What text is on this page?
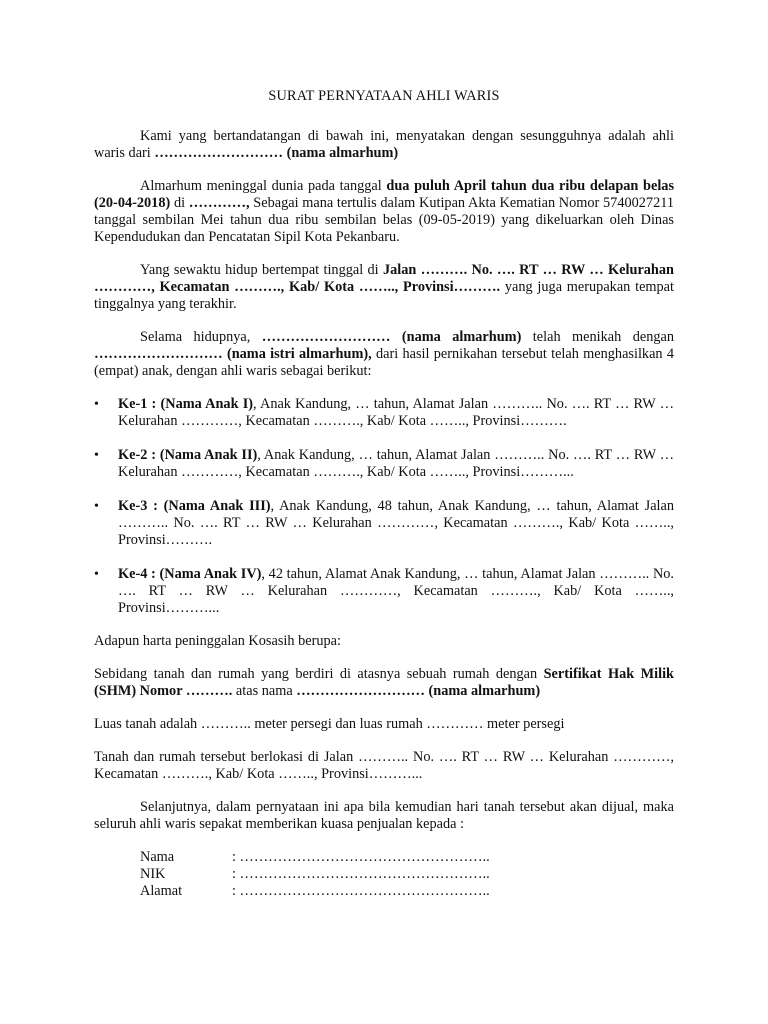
SURAT PERNYATAAN AHLI WARIS

Kami yang bertandatangan di bawah ini, menyatakan dengan sesungguhnya adalah ahli waris dari ……………………… (nama almarhum)

Almarhum meninggal dunia pada tanggal dua puluh April tahun dua ribu delapan belas (20-04-2018) di …………, Sebagai mana tertulis dalam Kutipan Akta Kematian Nomor 5740027211 tanggal sembilan Mei tahun dua ribu sembilan belas (09-05-2019) yang dikeluarkan oleh Dinas Kependudukan dan Pencatatan Sipil Kota Pekanbaru.

Yang sewaktu hidup bertempat tinggal di Jalan ………. No. …. RT … RW … Kelurahan …………, Kecamatan ………., Kab/ Kota …….., Provinsi………. yang juga merupakan tempat tinggalnya yang terakhir.

Selama hidupnya, ……………………… (nama almarhum) telah menikah dengan ……………………… (nama istri almarhum), dari hasil pernikahan tersebut telah menghasilkan 4 (empat) anak, dengan ahli waris sebagai berikut:

•	Ke-1 : (Nama Anak I), Anak Kandung, … tahun, Alamat Jalan ……….. No. …. RT … RW … Kelurahan …………, Kecamatan ………., Kab/ Kota …….., Provinsi……….
•	Ke-2 : (Nama Anak II), Anak Kandung, … tahun, Alamat Jalan ……….. No. …. RT … RW … Kelurahan …………, Kecamatan ………., Kab/ Kota …….., Provinsi………...
•	Ke-3 : (Nama Anak III), Anak Kandung, 48 tahun, Anak Kandung, … tahun, Alamat Jalan ……….. No. …. RT … RW … Kelurahan …………, Kecamatan ………., Kab/ Kota …….., Provinsi……….
•	Ke-4 : (Nama Anak IV), 42 tahun, Alamat Anak Kandung, … tahun, Alamat Jalan ……….. No. …. RT … RW … Kelurahan …………, Kecamatan ………., Kab/ Kota …….., Provinsi………...

Adapun harta peninggalan Kosasih berupa:

Sebidang tanah dan rumah yang berdiri di atasnya sebuah rumah dengan Sertifikat Hak Milik (SHM) Nomor ………. atas nama ……………………… (nama almarhum)

Luas tanah adalah ……….. meter persegi dan luas rumah ………… meter persegi

Tanah dan rumah tersebut berlokasi di Jalan ……….. No. …. RT … RW … Kelurahan …………, Kecamatan ………., Kab/ Kota …….., Provinsi………...

Selanjutnya, dalam pernyataan ini apa bila kemudian hari tanah tersebut akan dijual, maka seluruh ahli waris sepakat memberikan kuasa penjualan kepada :

Nama	: ……………………………………………..
NIK	: ……………………………………………..
Alamat	: ……………………………………………..
